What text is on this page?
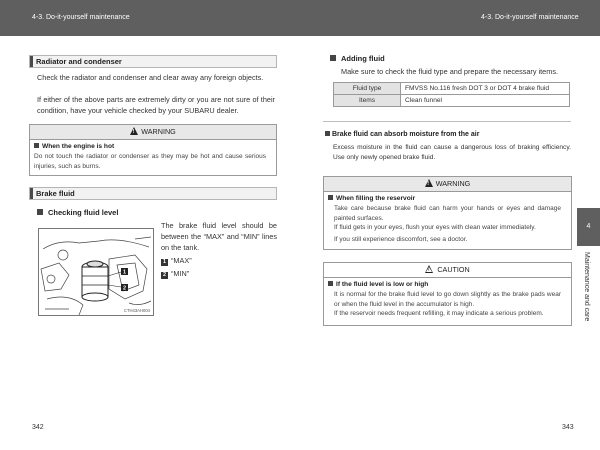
4-3. Do-it-yourself maintenance	4-3. Do-it-yourself maintenance
Radiator and condenser
Check the radiator and condenser and clear away any foreign objects.
If either of the above parts are extremely dirty or you are not sure of their condition, have your vehicle checked by your SUBARU dealer.
!WARNING
When the engine is hot
Do not touch the radiator or condenser as they may be hot and cause serious injuries, such as burns.
Brake fluid
Checking fluid level
1
2
CTH43AH004
The brake fluid level should be between the “MAX” and “MIN” lines on the tank.
1 “MAX”
2 “MIN”
342
Adding fluid
Make sure to check the fluid type and prepare the necessary items.
Fluid type	FMVSS No.116 fresh DOT 3 or DOT 4 brake fluid
Items	Clean funnel
Brake fluid can absorb moisture from the air
Excess moisture in the fluid can cause a dangerous loss of braking efficiency. Use only newly opened brake fluid.
!WARNING
When filling the reservoir
Take care because brake fluid can harm your hands or eyes and damage painted surfaces.
If fluid gets in your eyes, flush your eyes with clean water immediately.
If you still experience discomfort, see a doctor.
!CAUTION
If the fluid level is low or high
It is normal for the brake fluid level to go down slightly as the brake pads wear or when the fluid level in the accumulator is high.
If the reservoir needs frequent refilling, it may indicate a serious problem.
4
Maintenance and care
343
